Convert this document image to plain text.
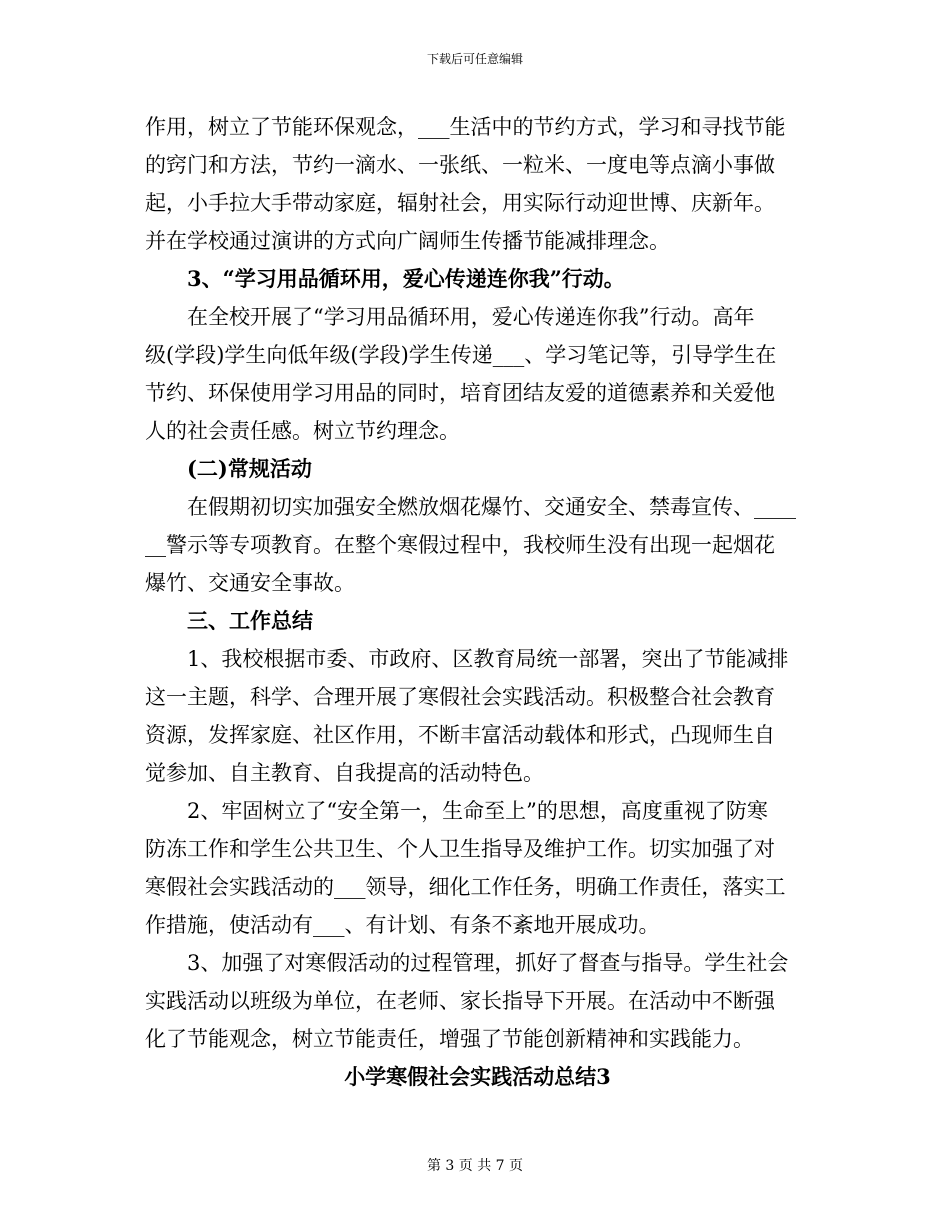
下载后可任意编辑
作用，树立了节能环保观念，___生活中的节约方式，学习和寻找节能
的窍门和方法，节约一滴水、一张纸、一粒米、一度电等点滴小事做
起，小手拉大手带动家庭，辐射社会，用实际行动迎世博、庆新年。
并在学校通过演讲的方式向广阔师生传播节能减排理念。
3、“学习用品循环用，爱心传递连你我”行动。
在全校开展了“学习用品循环用，爱心传递连你我”行动。高年
级(学段)学生向低年级(学段)学生传递___、学习笔记等，引导学生在
节约、环保使用学习用品的同时，培育团结友爱的道德素养和关爱他
人的社会责任感。树立节约理念。
(二)常规活动
在假期初切实加强安全燃放烟花爆竹、交通安全、禁毒宣传、____
__警示等专项教育。在整个寒假过程中，我校师生没有出现一起烟花
爆竹、交通安全事故。
三、工作总结
1、我校根据市委、市政府、区教育局统一部署，突出了节能减排
这一主题，科学、合理开展了寒假社会实践活动。积极整合社会教育
资源，发挥家庭、社区作用，不断丰富活动载体和形式，凸现师生自
觉参加、自主教育、自我提高的活动特色。
2、牢固树立了“安全第一，生命至上”的思想，高度重视了防寒
防冻工作和学生公共卫生、个人卫生指导及维护工作。切实加强了对
寒假社会实践活动的___领导，细化工作任务，明确工作责任，落实工
作措施，使活动有___、有计划、有条不紊地开展成功。
3、加强了对寒假活动的过程管理，抓好了督查与指导。学生社会
实践活动以班级为单位，在老师、家长指导下开展。在活动中不断强
化了节能观念，树立节能责任，增强了节能创新精神和实践能力。
小学寒假社会实践活动总结3
第 3 页 共 7 页
